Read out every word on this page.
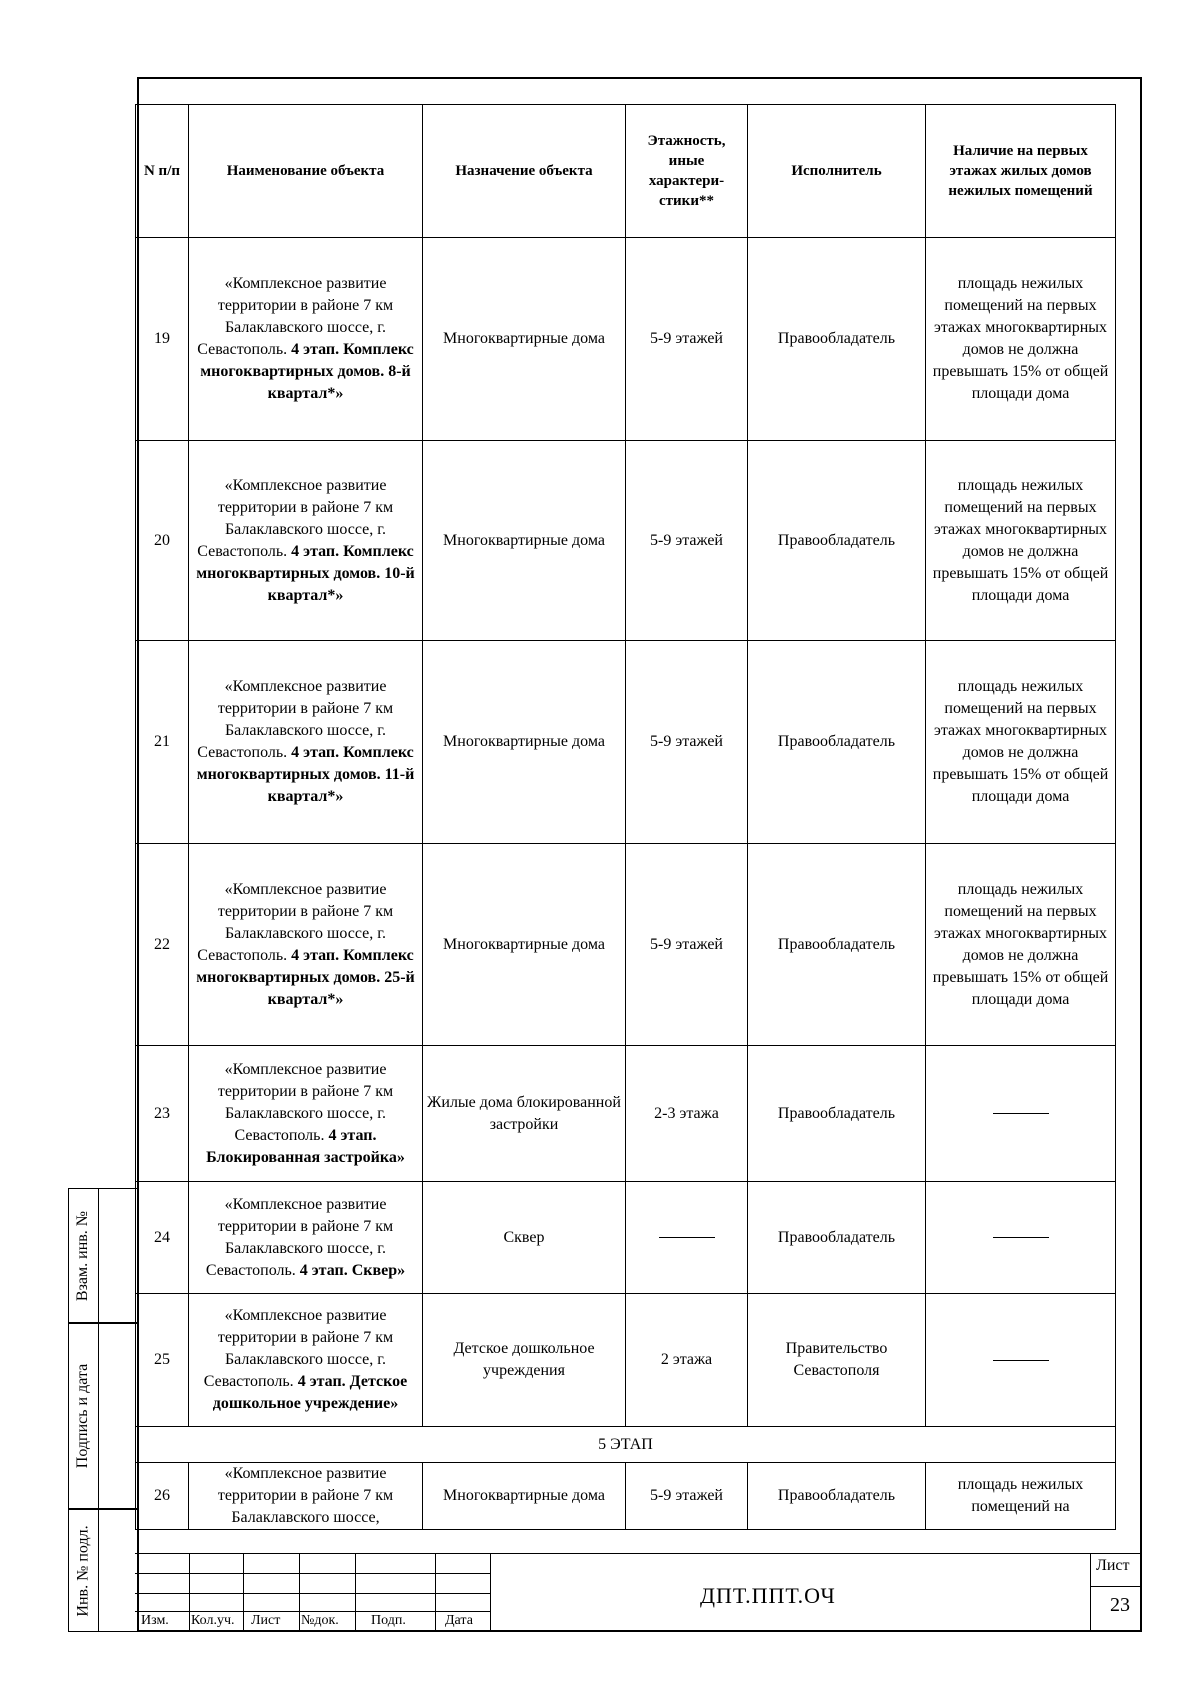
N п/п	Наименование объекта	Назначение объекта	Этажность, иные характери-стики**	Исполнитель	Наличие на первых этажах жилых домов нежилых помещений
19	«Комплексное развитие территории в районе 7 км Балаклавского шоссе, г. Севастополь. 4 этап. Комплекс многоквартирных домов. 8-й квартал*»	Многоквартирные дома	5-9 этажей	Правообладатель	площадь нежилых помещений на первых этажах многоквартирных домов не должна превышать 15% от общей площади дома
20	«Комплексное развитие территории в районе 7 км Балаклавского шоссе, г. Севастополь. 4 этап. Комплекс многоквартирных домов. 10-й квартал*»	Многоквартирные дома	5-9 этажей	Правообладатель	площадь нежилых помещений на первых этажах многоквартирных домов не должна превышать 15% от общей площади дома
21	«Комплексное развитие территории в районе 7 км Балаклавского шоссе, г. Севастополь. 4 этап. Комплекс многоквартирных домов. 11-й квартал*»	Многоквартирные дома	5-9 этажей	Правообладатель	площадь нежилых помещений на первых этажах многоквартирных домов не должна превышать 15% от общей площади дома
22	«Комплексное развитие территории в районе 7 км Балаклавского шоссе, г. Севастополь. 4 этап. Комплекс многоквартирных домов. 25-й квартал*»	Многоквартирные дома	5-9 этажей	Правообладатель	площадь нежилых помещений на первых этажах многоквартирных домов не должна превышать 15% от общей площади дома
23	«Комплексное развитие территории в районе 7 км Балаклавского шоссе, г. Севастополь. 4 этап. Блокированная застройка»	Жилые дома блокированной застройки	2-3 этажа	Правообладатель	
24	«Комплексное развитие территории в районе 7 км Балаклавского шоссе, г. Севастополь. 4 этап. Сквер»	Сквер		Правообладатель	
25	«Комплексное развитие территории в районе 7 км Балаклавского шоссе, г. Севастополь. 4 этап. Детское дошкольное учреждение»	Детское дошкольное учреждения	2 этажа	Правительство Севастополя	
5 ЭТАП					
26	«Комплексное развитие территории в районе 7 км Балаклавского шоссе,	Многоквартирные дома	5-9 этажей	Правообладатель	площадь нежилых помещений на
Взам. инв. №
Подпись и дата
Инв. № подл.
Изм. Кол.уч. Лист №док. Подп.	Дата
ДПТ.ППТ.ОЧ
Лист
23
